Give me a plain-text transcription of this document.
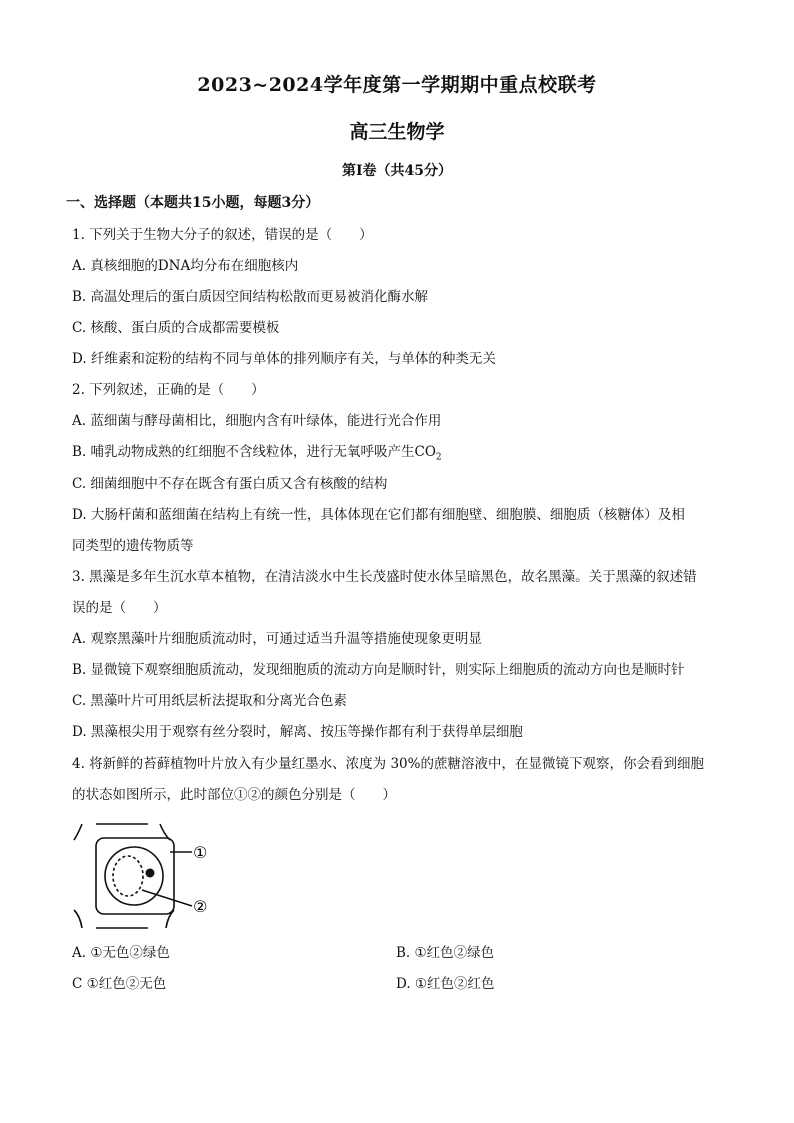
2023~2024学年度第一学期期中重点校联考
高三生物学
第Ⅰ卷（共45分）
一、选择题（本题共15小题，每题3分）
1. 下列关于生物大分子的叙述，错误的是（　　）
A. 真核细胞的DNA均分布在细胞核内
B. 高温处理后的蛋白质因空间结构松散而更易被消化酶水解
C. 核酸、蛋白质的合成都需要模板
D. 纤维素和淀粉的结构不同与单体的排列顺序有关，与单体的种类无关
2. 下列叙述，正确的是（　　）
A. 蓝细菌与酵母菌相比，细胞内含有叶绿体，能进行光合作用
B. 哺乳动物成熟的红细胞不含线粒体，进行无氧呼吸产生$CO_2$
C. 细菌细胞中不存在既含有蛋白质又含有核酸的结构
D. 大肠杆菌和蓝细菌在结构上有统一性，具体体现在它们都有细胞壁、细胞膜、细胞质（核糖体）及相
同类型的遗传物质等
3. 黑藻是多年生沉水草本植物，在清洁淡水中生长茂盛时使水体呈暗黑色，故名黑藻。关于黑藻的叙述错
误的是（　　）
A. 观察黑藻叶片细胞质流动时，可通过适当升温等措施使现象更明显
B. 显微镜下观察细胞质流动，发现细胞质的流动方向是顺时针，则实际上细胞质的流动方向也是顺时针
C. 黑藻叶片可用纸层析法提取和分离光合色素
D. 黑藻根尖用于观察有丝分裂时，解离、按压等操作都有利于获得单层细胞
4. 将新鲜的苔藓植物叶片放入有少量红墨水、浓度为 30%的蔗糖溶液中，在显微镜下观察，你会看到细胞
的状态如图所示，此时部位①②的颜色分别是（　　）
①
②
A. ①无色②绿色	B. ①红色②绿色
C ①红色②无色	D. ①红色②红色
